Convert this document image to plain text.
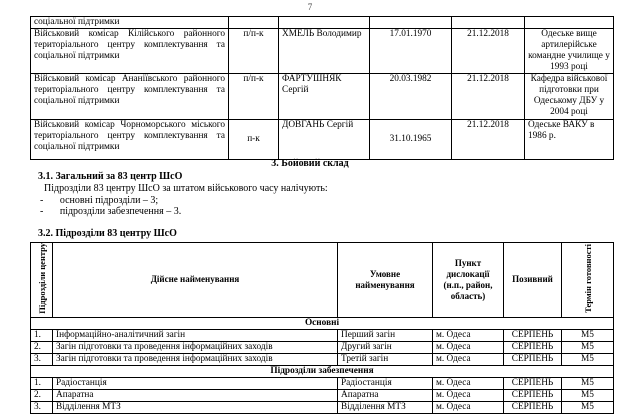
7
соціальної підтримки					
Військовий комісар Кілійського районного територіального центру комплектування та соціальної підтримки	п/п-к	ХМЕЛЬ Володимир	17.01.1970	21.12.2018	Одеське вище артилерійське командне училище у 1993 році
Військовий комісар Ананіївського районного територіального центру комплектування та соціальної підтримки	п/п-к	ФАРТУШНЯК Сергій	20.03.1982	21.12.2018	Кафедра військової підготовки при Одеському ДБУ у 2004 році
Військовий комісар Чорноморського міського територіального центру комплектування та соціальної підтримки	п-к	ДОВГАНЬ Сергій	31.10.1965	21.12.2018	Одеське ВАКУ в 1986 р.
3. Бойовий склад
3.1. Загальний за 83 центр ШсО
Підрозділи 83 центру ШсО за штатом військового часу налічують:
- основні підрозділи – 3;
- підрозділи забезпечення – 3.
3.2. Підрозділи 83 центру ШсО
Підрозділи центру	Дійсне найменування	Умовне найменування	Пункт дислокації (н.п., район, область)	Позивний	Термін готовності
Основні					
1.	Інформаційно-аналітичний загін	Перший загін	м. Одеса	СЕРПЕНЬ	М5
2.	Загін підготовки та проведення інформаційних заходів	Другий загін	м. Одеса	СЕРПЕНЬ	М5
3.	Загін підготовки та проведення інформаційних заходів	Третій загін	м. Одеса	СЕРПЕНЬ	М5
Підрозділи забезпечення					
1.	Радіостанція	Радіостанція	м. Одеса	СЕРПЕНЬ	М5
2.	Апаратна	Апаратна	м. Одеса	СЕРПЕНЬ	М5
3.	Відділення МТЗ	Відділення МТЗ	м. Одеса	СЕРПЕНЬ	М5
